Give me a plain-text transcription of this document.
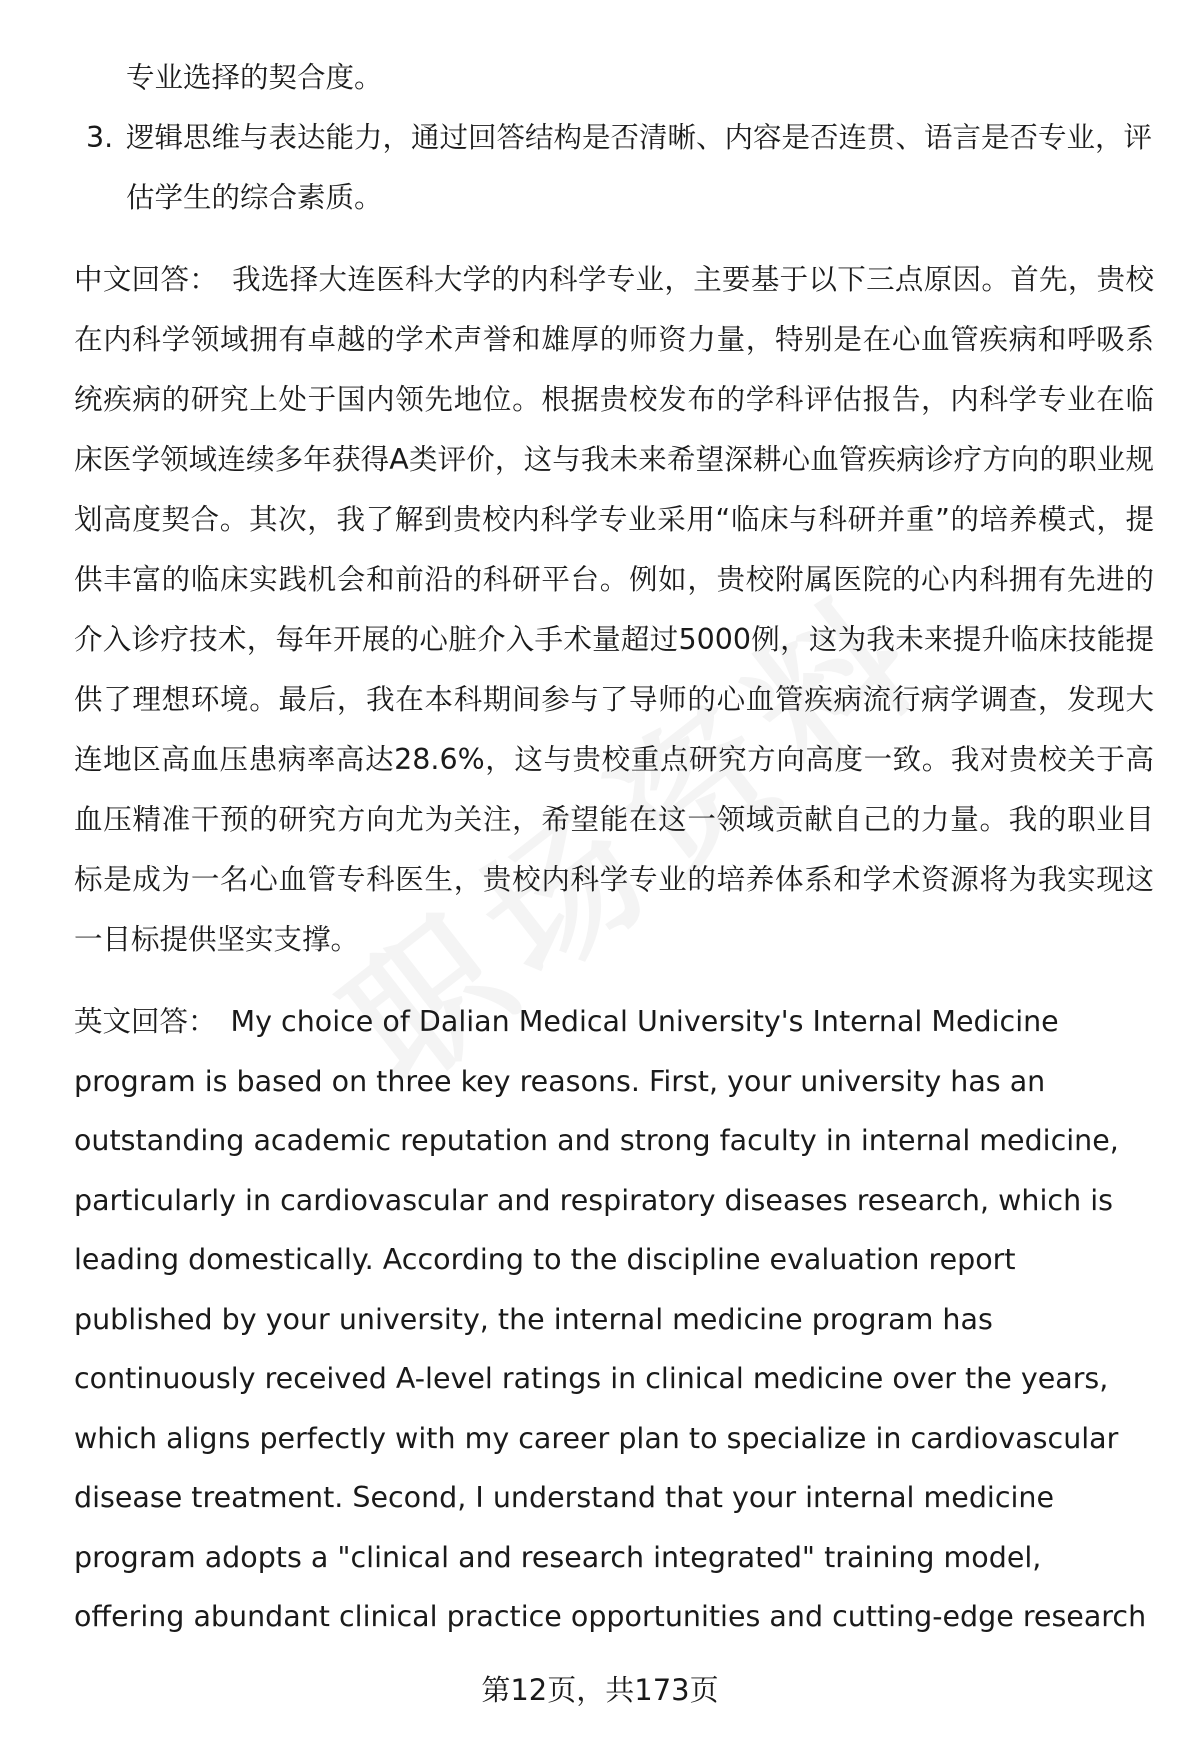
专业选择的契合度。
3. 逻辑思维与表达能力，通过回答结构是否清晰、内容是否连贯、语言是否专业，评估学生的综合素质。
中文回答： 我选择大连医科大学的内科学专业，主要基于以下三点原因。首先，贵校在内科学领域拥有卓越的学术声誉和雄厚的师资力量，特别是在心血管疾病和呼吸系统疾病的研究上处于国内领先地位。根据贵校发布的学科评估报告，内科学专业在临床医学领域连续多年获得A类评价，这与我未来希望深耕心血管疾病诊疗方向的职业规划高度契合。其次，我了解到贵校内科学专业采用“临床与科研并重”的培养模式，提供丰富的临床实践机会和前沿的科研平台。例如，贵校附属医院的心内科拥有先进的介入诊疗技术，每年开展的心脏介入手术量超过5000例，这为我未来提升临床技能提供了理想环境。最后，我在本科期间参与了导师的心血管疾病流行病学调查，发现大连地区高血压患病率高达28.6%，这与贵校重点研究方向高度一致。我对贵校关于高血压精准干预的研究方向尤为关注，希望能在这一领域贡献自己的力量。我的职业目标是成为一名心血管专科医生，贵校内科学专业的培养体系和学术资源将为我实现这一目标提供坚实支撑。
英文回答： My choice of Dalian Medical University's Internal Medicine program is based on three key reasons. First, your university has an outstanding academic reputation and strong faculty in internal medicine, particularly in cardiovascular and respiratory diseases research, which is leading domestically. According to the discipline evaluation report published by your university, the internal medicine program has continuously received A-level ratings in clinical medicine over the years, which aligns perfectly with my career plan to specialize in cardiovascular disease treatment. Second, I understand that your internal medicine program adopts a "clinical and research integrated" training model, offering abundant clinical practice opportunities and cutting-edge research
第12页，共173页
